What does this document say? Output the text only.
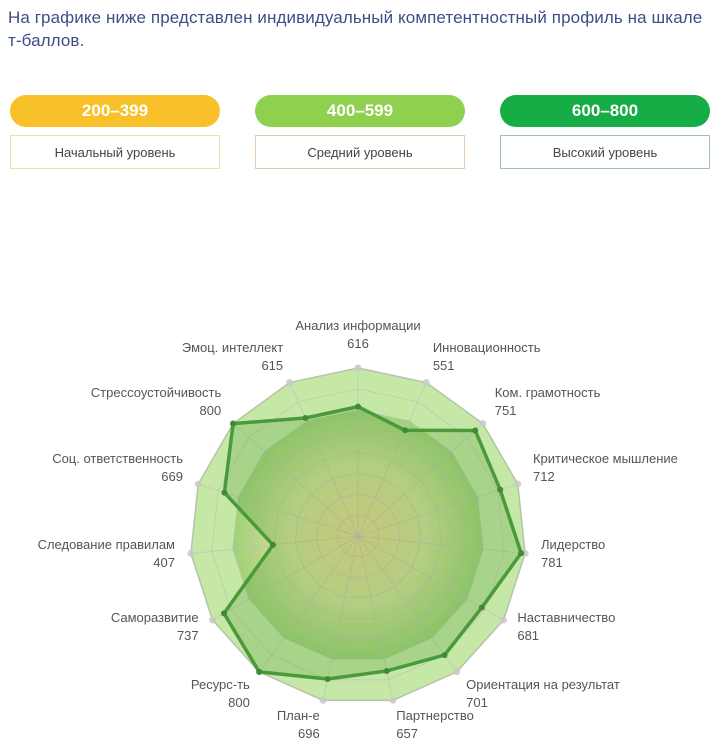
На графике ниже представлен индивидуальный компетентностный профиль на шкале т-баллов.
200–399
Начальный уровень
400–599
Средний уровень
600–800
Высокий уровень
Анализ информации
616	Инновационность
551
Ком. грамотность
751
Критическое мышление
712
Лидерство
781
Наставничество
681
Ориентация на результат
701
Партнерство
657
План-е
696
Ресурс-ть
800
Саморазвитие
737
Следование правилам
407
Соц. ответственность
669
Стрессоустойчивость
800
Эмоц. интеллект
615
